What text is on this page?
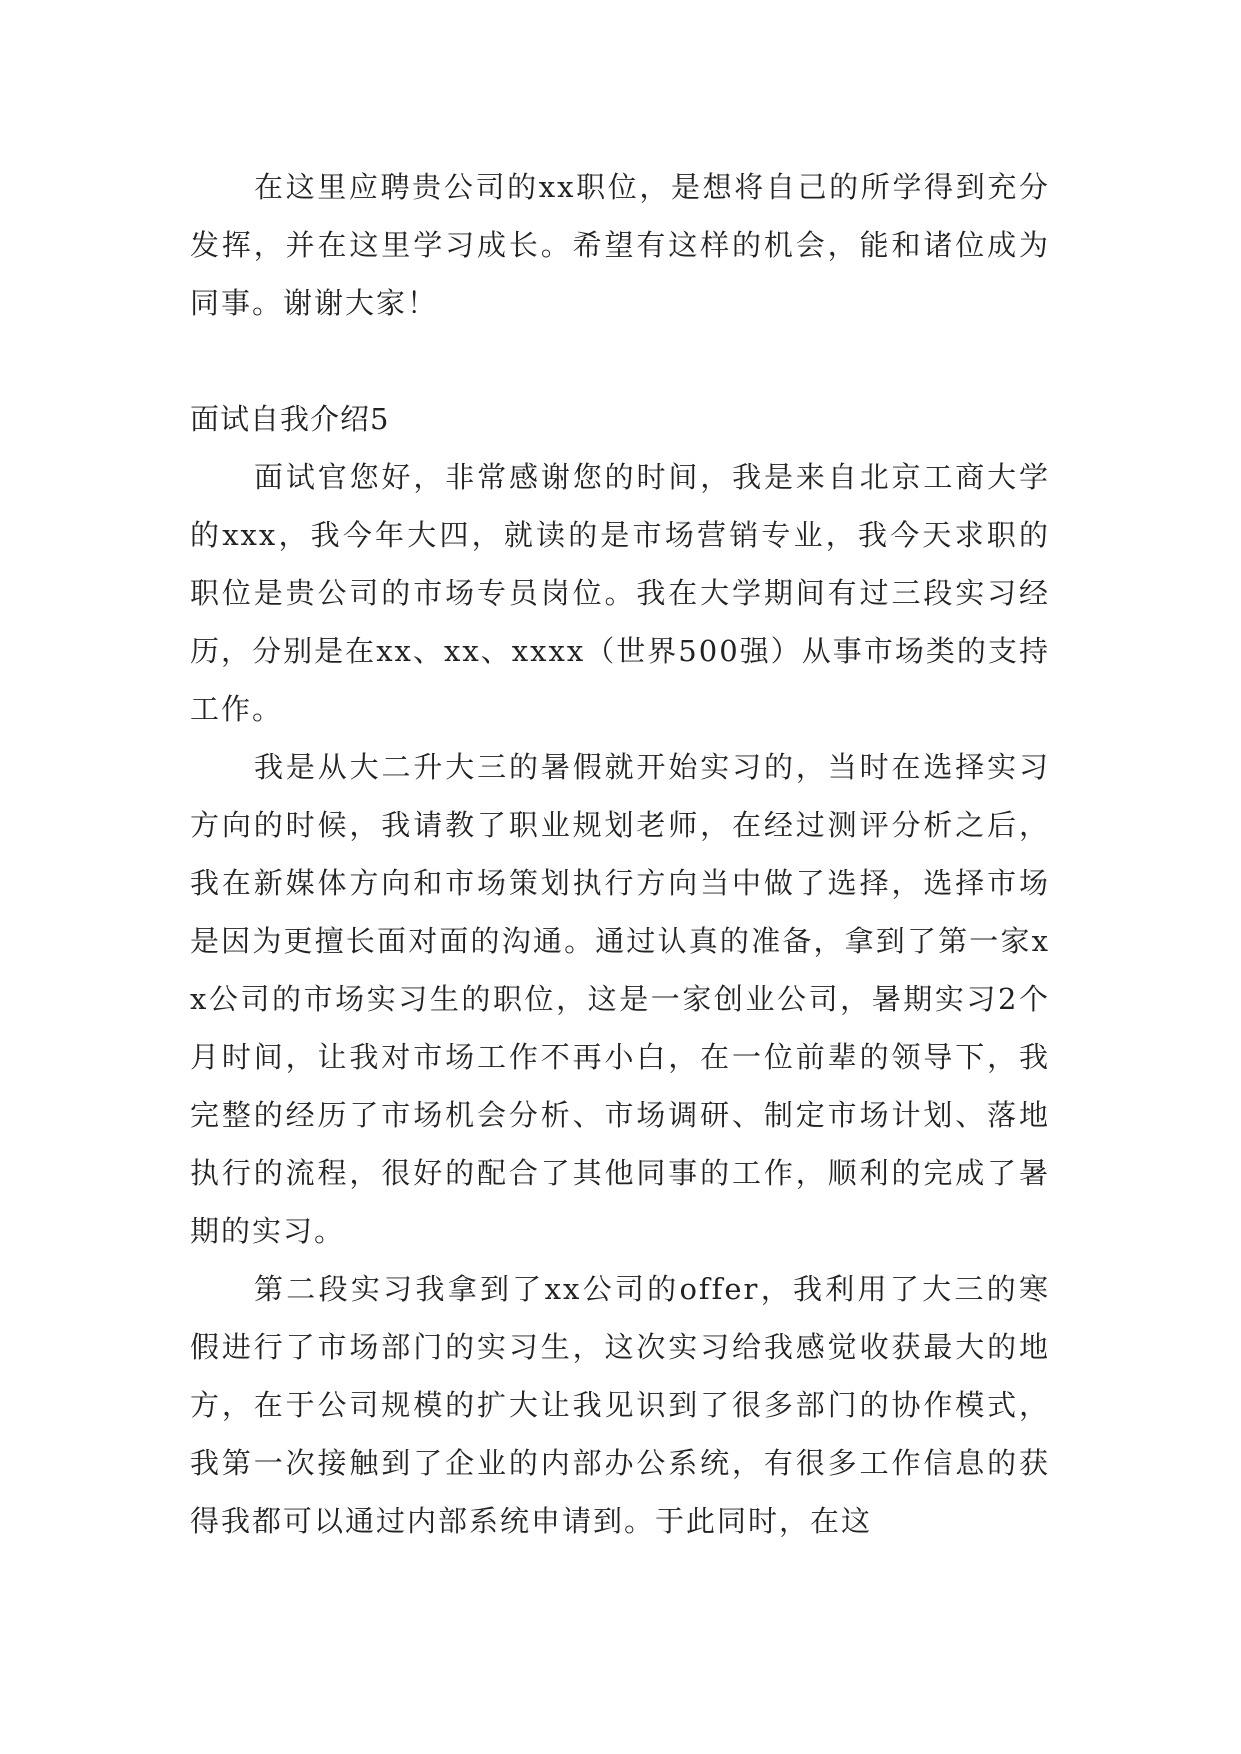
在这里应聘贵公司的xx职位，是想将自己的所学得到充分发挥，并在这里学习成长。希望有这样的机会，能和诸位成为同事。谢谢大家！

面试自我介绍5

面试官您好，非常感谢您的时间，我是来自北京工商大学的xxx，我今年大四，就读的是市场营销专业，我今天求职的职位是贵公司的市场专员岗位。我在大学期间有过三段实习经历，分别是在xx、xx、xxxx（世界500强）从事市场类的支持工作。

我是从大二升大三的暑假就开始实习的，当时在选择实习方向的时候，我请教了职业规划老师，在经过测评分析之后，我在新媒体方向和市场策划执行方向当中做了选择，选择市场是因为更擅长面对面的沟通。通过认真的准备，拿到了第一家xx公司的市场实习生的职位，这是一家创业公司，暑期实习2个月时间，让我对市场工作不再小白，在一位前辈的领导下，我完整的经历了市场机会分析、市场调研、制定市场计划、落地执行的流程，很好的配合了其他同事的工作，顺利的完成了暑期的实习。

第二段实习我拿到了xx公司的offer，我利用了大三的寒假进行了市场部门的实习生，这次实习给我感觉收获最大的地方，在于公司规模的扩大让我见识到了很多部门的协作模式，我第一次接触到了企业的内部办公系统，有很多工作信息的获得我都可以通过内部系统申请到。于此同时，在这
